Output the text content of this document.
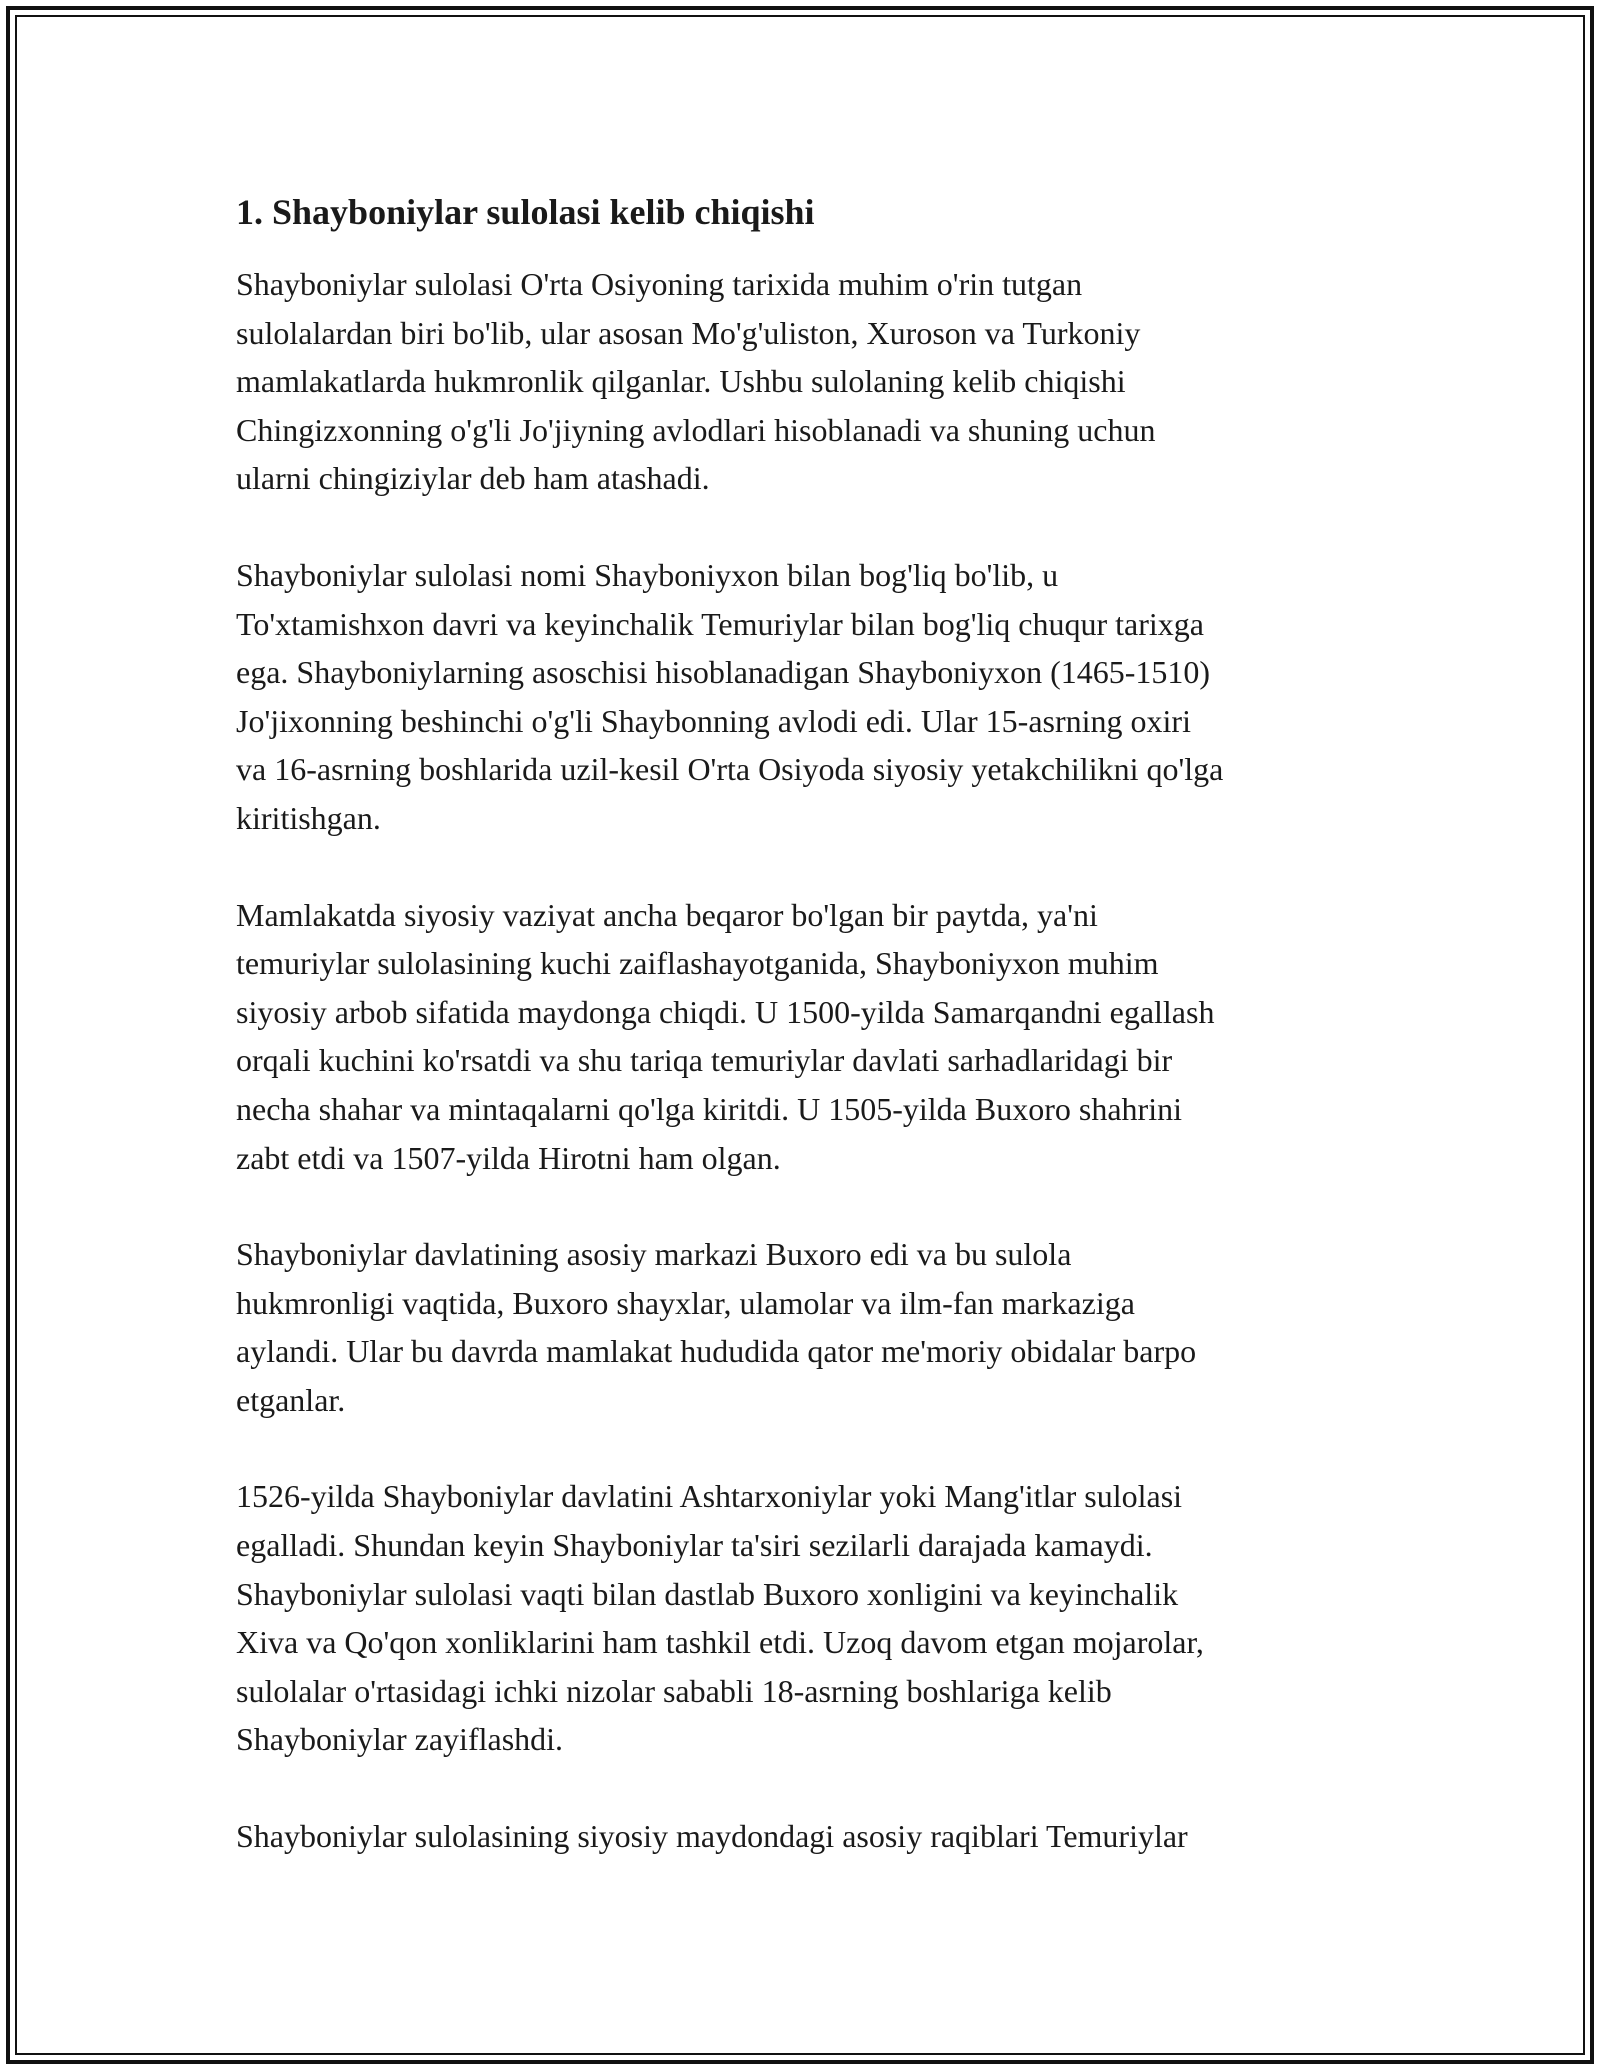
1. Shayboniylar sulolasi kelib chiqishi

Shayboniylar sulolasi O'rta Osiyoning tarixida muhim o'rin tutgan
sulolalardan biri bo'lib, ular asosan Mo'g'uliston, Xuroson va Turkoniy
mamlakatlarda hukmronlik qilganlar. Ushbu sulolaning kelib chiqishi
Chingizxonning o'g'li Jo'jiyning avlodlari hisoblanadi va shuning uchun
ularni chingiziylar deb ham atashadi.

Shayboniylar sulolasi nomi Shayboniyxon bilan bog'liq bo'lib, u
To'xtamishxon davri va keyinchalik Temuriylar bilan bog'liq chuqur tarixga
ega. Shayboniylarning asoschisi hisoblanadigan Shayboniyxon (1465-1510)
Jo'jixonning beshinchi o'g'li Shaybonning avlodi edi. Ular 15-asrning oxiri
va 16-asrning boshlarida uzil-kesil O'rta Osiyoda siyosiy yetakchilikni qo'lga
kiritishgan.

Mamlakatda siyosiy vaziyat ancha beqaror bo'lgan bir paytda, ya'ni
temuriylar sulolasining kuchi zaiflashayotganida, Shayboniyxon muhim
siyosiy arbob sifatida maydonga chiqdi. U 1500-yilda Samarqandni egallash
orqali kuchini ko'rsatdi va shu tariqa temuriylar davlati sarhadlaridagi bir
necha shahar va mintaqalarni qo'lga kiritdi. U 1505-yilda Buxoro shahrini
zabt etdi va 1507-yilda Hirotni ham olgan.

Shayboniylar davlatining asosiy markazi Buxoro edi va bu sulola
hukmronligi vaqtida, Buxoro shayxlar, ulamolar va ilm-fan markaziga
aylandi. Ular bu davrda mamlakat hududida qator me'moriy obidalar barpo
etganlar.

1526-yilda Shayboniylar davlatini Ashtarxoniylar yoki Mang'itlar sulolasi
egalladi. Shundan keyin Shayboniylar ta'siri sezilarli darajada kamaydi.
Shayboniylar sulolasi vaqti bilan dastlab Buxoro xonligini va keyinchalik
Xiva va Qo'qon xonliklarini ham tashkil etdi. Uzoq davom etgan mojarolar,
sulolalar o'rtasidagi ichki nizolar sababli 18-asrning boshlariga kelib
Shayboniylar zayiflashdi.

Shayboniylar sulolasining siyosiy maydondagi asosiy raqiblari Temuriylar
